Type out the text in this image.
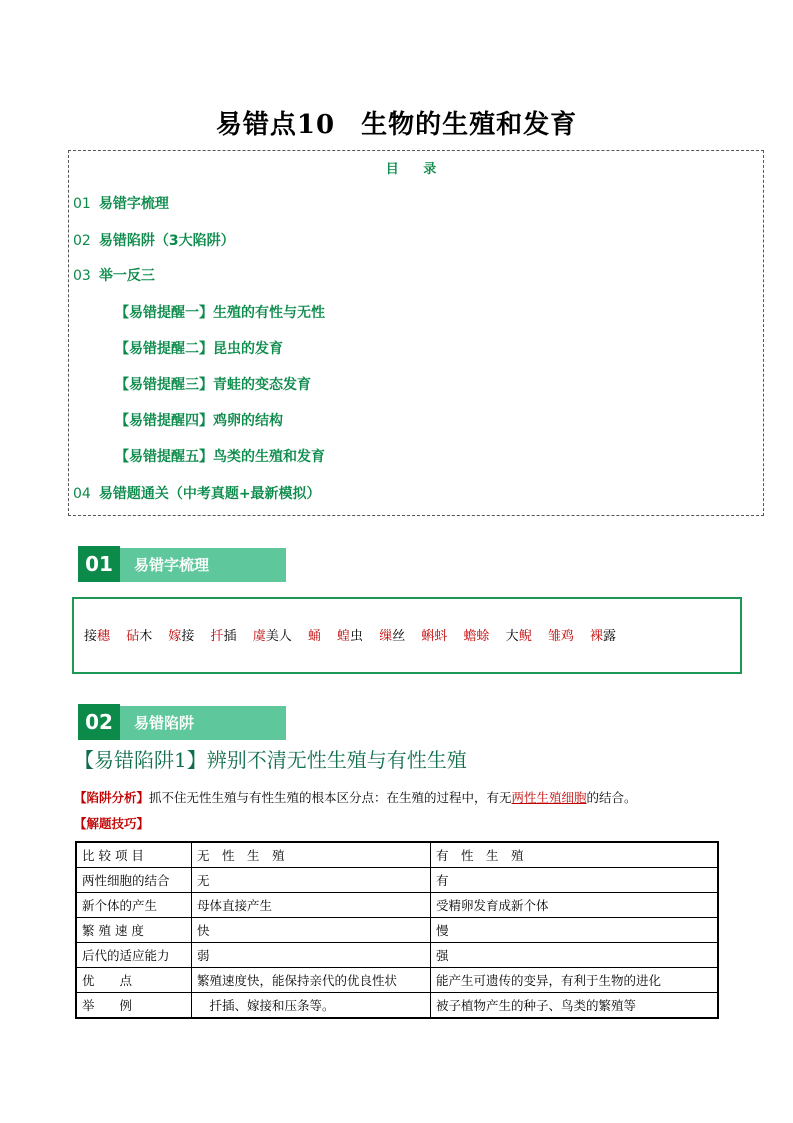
易错点10 生物的生殖和发育
目 录
01 易错字梳理
02 易错陷阱（3大陷阱）
03 举一反三
【易错提醒一】生殖的有性与无性
【易错提醒二】昆虫的发育
【易错提醒三】青蛙的变态发育
【易错提醒四】鸡卵的结构
【易错提醒五】鸟类的生殖和发育
04 易错题通关（中考真题+最新模拟）
01	易错字梳理
接穗 砧木 嫁接 扦插 虞美人 蛹 蝗虫 缫丝 蝌蚪 蟾蜍 大鲵 雏鸡 裸露
02	易错陷阱
【易错陷阱1】辨别不清无性生殖与有性生殖
【陷阱分析】抓不住无性生殖与有性生殖的根本区分点：在生殖的过程中，有无两性生殖细胞的结合。
【解题技巧】
比 较 项 目	无　性　生　殖	有　性　生　殖
两性细胞的结合	无	有
新个体的产生	母体直接产生	受精卵发育成新个体
繁 殖 速 度	快	慢
后代的适应能力	弱	强
优　　点	繁殖速度快，能保持亲代的优良性状	能产生可遗传的变异，有利于生物的进化
举　　例	　扦插、嫁接和压条等。	被子植物产生的种子、鸟类的繁殖等
